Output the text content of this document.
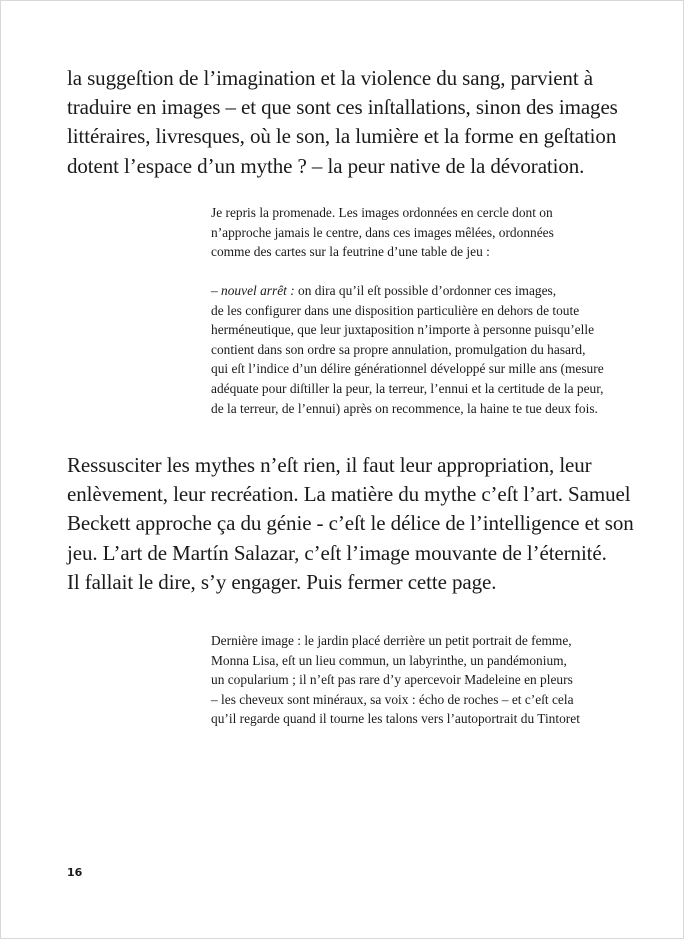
la suggeſtion de l’imagination et la violence du sang, parvient à
traduire en images – et que sont ces inſtallations, sinon des images
littéraires, livresques, où le son, la lumière et la forme en geſtation
dotent l’espace d’un mythe ? – la peur native de la dévoration.
Je repris la promenade. Les images ordonnées en cercle dont on
n’approche jamais le centre, dans ces images mêlées, ordonnées
comme des cartes sur la feutrine d’une table de jeu :
– nouvel arrêt : on dira qu’il eſt possible d’ordonner ces images,
de les configurer dans une disposition particulière en dehors de toute
herméneutique, que leur juxtaposition n’importe à personne puisqu’elle
contient dans son ordre sa propre annulation, promulgation du hasard,
qui eſt l’indice d’un délire générationnel développé sur mille ans (mesure
adéquate pour diſtiller la peur, la terreur, l’ennui et la certitude de la peur,
de la terreur, de l’ennui) après on recommence, la haine te tue deux fois.
Ressusciter les mythes n’eſt rien, il faut leur appropriation, leur
enlèvement, leur recréation. La matière du mythe c’eſt l’art. Samuel
Beckett approche ça du génie - c’eſt le délice de l’intelligence et son
jeu. L’art de Martín Salazar, c’eſt l’image mouvante de l’éternité.
Il fallait le dire, s’y engager. Puis fermer cette page.
Dernière image : le jardin placé derrière un petit portrait de femme,
Monna Lisa, eſt un lieu commun, un labyrinthe, un pandémonium,
un copularium ; il n’eſt pas rare d’y apercevoir Madeleine en pleurs
– les cheveux sont minéraux, sa voix : écho de roches – et c’eſt cela
qu’il regarde quand il tourne les talons vers l’autoportrait du Tintoret
16
